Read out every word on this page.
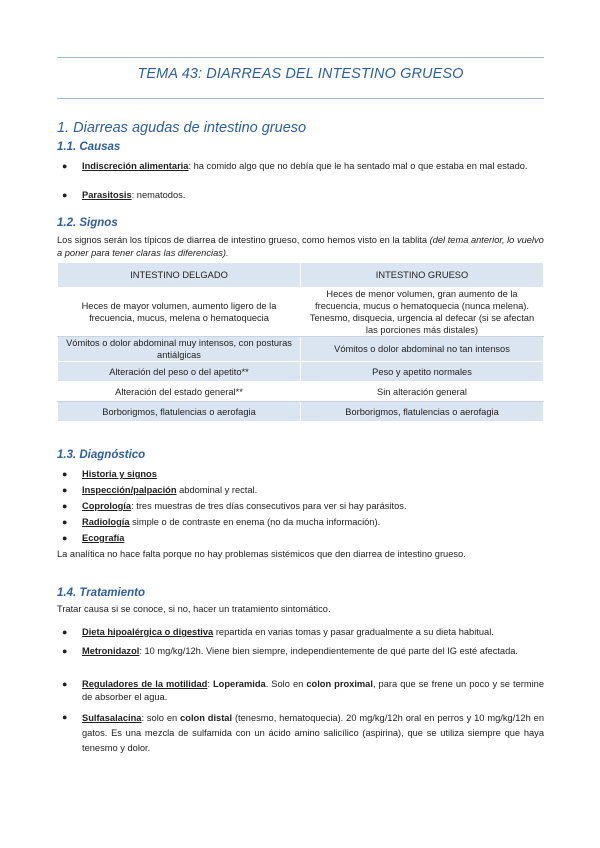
TEMA 43: DIARREAS DEL INTESTINO GRUESO
1. Diarreas agudas de intestino grueso
1.1. Causas
● Indiscreción alimentaria: ha comido algo que no debía que le ha sentado mal o que estaba en mal estado.
● Parasitosis: nematodos.
1.2. Signos
Los signos serán los típicos de diarrea de intestino grueso, como hemos visto en la tablita (del tema anterior, lo vuelvo a poner para tener claras las diferencias).
INTESTINO DELGADO	INTESTINO GRUESO
Heces de mayor volumen, aumento ligero de la frecuencia, mucus, melena o hematoquecia	Heces de menor volumen, gran aumento de la frecuencia, mucus o hematoquecia (nunca melena). Tenesmo, disquecia, urgencia al defecar (si se afectan las porciones más distales)
Vómitos o dolor abdominal muy intensos, con posturas antiálgicas	Vómitos o dolor abdominal no tan intensos
Alteración del peso o del apetito**	Peso y apetito normales
Alteración del estado general**	Sin alteración general
Borborigmos, flatulencias o aerofagia	Borborigmos, flatulencias o aerofagia
1.3. Diagnóstico
● Historia y signos
● Inspección/palpación abdominal y rectal.
● Coprología: tres muestras de tres días consecutivos para ver si hay parásitos.
● Radiología simple o de contraste en enema (no da mucha información).
● Ecografía
La analítica no hace falta porque no hay problemas sistémicos que den diarrea de intestino grueso.
1.4. Tratamiento
Tratar causa si se conoce, si no, hacer un tratamiento sintomático.
● Dieta hipoalérgica o digestiva repartida en varias tomas y pasar gradualmente a su dieta habitual.
● Metronidazol: 10 mg/kg/12h. Viene bien siempre, independientemente de qué parte del IG esté afectada.
● Reguladores de la motilidad: Loperamida. Solo en colon proximal, para que se frene un poco y se termine de absorber el agua.
● Sulfasalacina: solo en colon distal (tenesmo, hematoquecia). 20 mg/kg/12h oral en perros y 10 mg/kg/12h en gatos. Es una mezcla de sulfamida con un ácido amino salicílico (aspirina), que se utiliza siempre que haya tenesmo y dolor.
